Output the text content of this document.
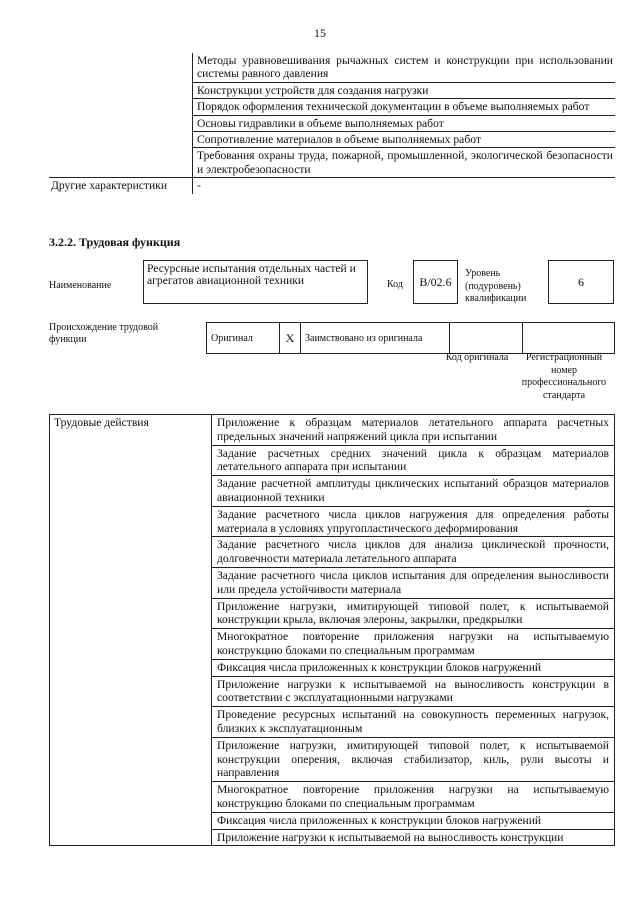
15
	Методы уравновешивания рычажных систем и конструкции при использовании системы равного давления
	Конструкции устройств для создания нагрузки
	Порядок оформления технической документации в объеме выполняемых работ
	Основы гидравлики в объеме выполняемых работ
	Сопротивление материалов в объеме выполняемых работ
	Требования охраны труда, пожарной, промышленной, экологической безопасности и электробезопасности
Другие характеристики	-
3.2.2. Трудовая функция
Наименование
Ресурсные испытания отдельных частей и агрегатов авиационной техники	Код	B/02.6
Уровень (подуровень) квалификации
6
Происхождение трудовой функции	Оригинал	X	Заимствовано из оригинала		
Код оригинала	Регистрационный номер профессионального стандарта
Трудовые действия	Приложение к образцам материалов летательного аппарата расчетных предельных значений напряжений цикла при испытании
Задание расчетных средних значений цикла к образцам материалов летательного аппарата при испытании
Задание расчетной амплитуды циклических испытаний образцов материалов авиационной техники
Задание расчетного числа циклов нагружения для определения работы материала в условиях упругопластического деформирования
Задание расчетного числа циклов для анализа циклической прочности, долговечности материала летательного аппарата
Задание расчетного числа циклов испытания для определения выносливости или предела устойчивости материала
Приложение нагрузки, имитирующей типовой полет, к испытываемой конструкции крыла, включая элероны, закрылки, предкрылки
Многократное повторение приложения нагрузки на испытываемую конструкцию блоками по специальным программам
Фиксация числа приложенных к конструкции блоков нагружений
Приложение нагрузки к испытываемой на выносливость конструкции в соответствии с эксплуатационными нагрузками
Проведение ресурсных испытаний на совокупность переменных нагрузок, близких к эксплуатационным
Приложение нагрузки, имитирующей типовой полет, к испытываемой конструкции оперения, включая стабилизатор, киль, рули высоты и направления
Многократное повторение приложения нагрузки на испытываемую конструкцию блоками по специальным программам
Фиксация числа приложенных к конструкции блоков нагружений
Приложение нагрузки к испытываемой на выносливость конструкции
